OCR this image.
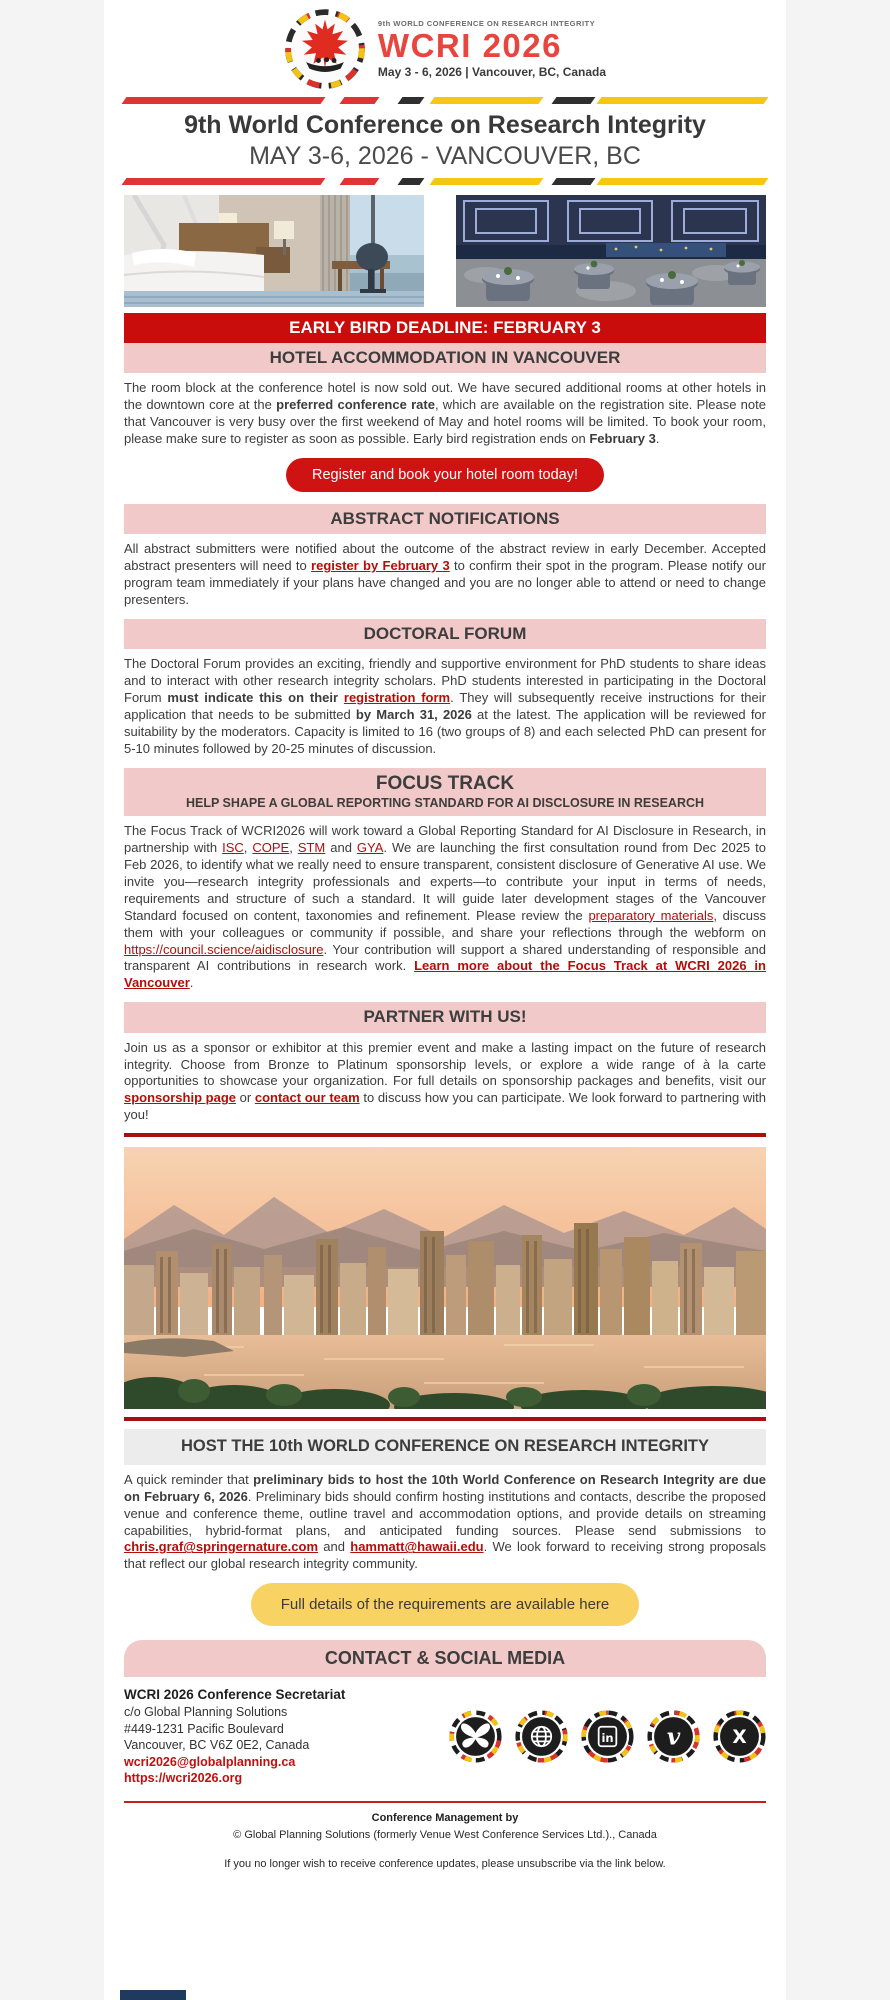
9th WORLD CONFERENCE ON RESEARCH INTEGRITY
WCRI 2026
May 3 - 6, 2026 | Vancouver, BC, Canada
9th World Conference on Research Integrity
MAY 3-6, 2026 - VANCOUVER, BC
EARLY BIRD DEADLINE: FEBRUARY 3
HOTEL ACCOMMODATION IN VANCOUVER

The room block at the conference hotel is now sold out. We have secured additional rooms at other hotels in the downtown core at the preferred conference rate, which are available on the registration site. Please note that Vancouver is very busy over the first weekend of May and hotel rooms will be limited. To book your room, please make sure to register as soon as possible. Early bird registration ends on February 3.

Register and book your hotel room today!
ABSTRACT NOTIFICATIONS

All abstract submitters were notified about the outcome of the abstract review in early December. Accepted abstract presenters will need to register by February 3 to confirm their spot in the program. Please notify our program team immediately if your plans have changed and you are no longer able to attend or need to change presenters.

DOCTORAL FORUM

The Doctoral Forum provides an exciting, friendly and supportive environment for PhD students to share ideas and to interact with other research integrity scholars. PhD students interested in participating in the Doctoral Forum must indicate this on their registration form. They will subsequently receive instructions for their application that needs to be submitted by March 31, 2026 at the latest. The application will be reviewed for suitability by the moderators. Capacity is limited to 16 (two groups of 8) and each selected PhD can present for 5-10 minutes followed by 20-25 minutes of discussion.

FOCUS TRACK
HELP SHAPE A GLOBAL REPORTING STANDARD FOR AI DISCLOSURE IN RESEARCH

The Focus Track of WCRI2026 will work toward a Global Reporting Standard for AI Disclosure in Research, in partnership with ISC, COPE, STM and GYA. We are launching the first consultation round from Dec 2025 to Feb 2026, to identify what we really need to ensure transparent, consistent disclosure of Generative AI use. We invite you—research integrity professionals and experts—to contribute your input in terms of needs, requirements and structure of such a standard. It will guide later development stages of the Vancouver Standard focused on content, taxonomies and refinement. Please review the preparatory materials, discuss them with your colleagues or community if possible, and share your reflections through the webform on https://council.science/aidisclosure. Your contribution will support a shared understanding of responsible and transparent AI contributions in research work. Learn more about the Focus Track at WCRI 2026 in Vancouver.

PARTNER WITH US!

Join us as a sponsor or exhibitor at this premier event and make a lasting impact on the future of research integrity. Choose from Bronze to Platinum sponsorship levels, or explore a wide range of à la carte opportunities to showcase your organization. For full details on sponsorship packages and benefits, visit our sponsorship page or contact our team to discuss how you can participate. We look forward to partnering with you!

HOST THE 10th WORLD CONFERENCE ON RESEARCH INTEGRITY

A quick reminder that preliminary bids to host the 10th World Conference on Research Integrity are due on February 6, 2026. Preliminary bids should confirm hosting institutions and contacts, describe the proposed venue and conference theme, outline travel and accommodation options, and provide details on streaming capabilities, hybrid-format plans, and anticipated funding sources. Please send submissions to chris.graf@springernature.com and hammatt@hawaii.edu. We look forward to receiving strong proposals that reflect our global research integrity community.

Full details of the requirements are available here
CONTACT & SOCIAL MEDIA
WCRI 2026 Conference Secretariat
c/o Global Planning Solutions
#449-1231 Pacific Boulevard
Vancouver, BC V6Z 0E2, Canada
wcri2026@globalplanning.ca
https://wcri2026.org
in v X
Conference Management by
© Global Planning Solutions (formerly Venue West Conference Services Ltd.)., Canada
If you no longer wish to receive conference updates, please unsubscribe via the link below.
